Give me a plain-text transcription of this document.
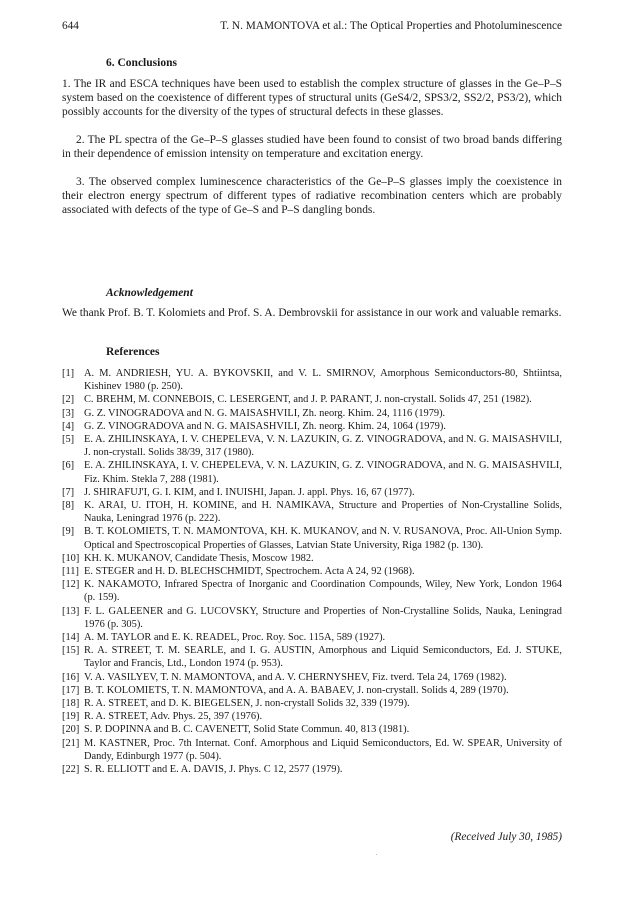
644	T. N. MAMONTOVA et al.: The Optical Properties and Photoluminescence
6. Conclusions

1. The IR and ESCA techniques have been used to establish the complex structure of glasses in the Ge–P–S system based on the coexistence of different types of structural units (GeS4/2, SPS3/2, SS2/2, PS3/2), which possibly accounts for the diversity of the types of structural defects in these glasses.

2. The PL spectra of the Ge–P–S glasses studied have been found to consist of two broad bands differing in their dependence of emission intensity on temperature and excitation energy.

3. The observed complex luminescence characteristics of the Ge–P–S glasses imply the coexistence in their electron energy spectrum of different types of radiative recombination centers which are probably associated with defects of the type of Ge–S and P–S dangling bonds.

Acknowledgement

We thank Prof. B. T. Kolomiets and Prof. S. A. Dembrovskii for assistance in our work and valuable remarks.

References
[1] A. M. ANDRIESH, YU. A. BYKOVSKII, and V. L. SMIRNOV, Amorphous Semiconductors-80, Shtiintsa, Kishinev 1980 (p. 250).
[2] C. BREHM, M. CONNEBOIS, C. LESERGENT, and J. P. PARANT, J. non-crystall. Solids 47, 251 (1982).
[3] G. Z. VINOGRADOVA and N. G. MAISASHVILI, Zh. neorg. Khim. 24, 1116 (1979).
[4] G. Z. VINOGRADOVA and N. G. MAISASHVILI, Zh. neorg. Khim. 24, 1064 (1979).
[5] E. A. ZHILINSKAYA, I. V. CHEPELEVA, V. N. LAZUKIN, G. Z. VINOGRADOVA, and N. G. MAISASHVILI, J. non-crystall. Solids 38/39, 317 (1980).
[6] E. A. ZHILINSKAYA, I. V. CHEPELEVA, V. N. LAZUKIN, G. Z. VINOGRADOVA, and N. G. MAISASHVILI, Fiz. Khim. Stekla 7, 288 (1981).
[7] J. SHIRAFUJ'I, G. I. KIM, and I. INUISHI, Japan. J. appl. Phys. 16, 67 (1977).
[8] K. ARAI, U. ITOH, H. KOMINE, and H. NAMIKAVA, Structure and Properties of Non-Crystalline Solids, Nauka, Leningrad 1976 (p. 222).
[9] B. T. KOLOMIETS, T. N. MAMONTOVA, KH. K. MUKANOV, and N. V. RUSANOVA, Proc. All-Union Symp. Optical and Spectroscopical Properties of Glasses, Latvian State University, Riga 1982 (p. 130).
[10] KH. K. MUKANOV, Candidate Thesis, Moscow 1982.
[11] E. STEGER and H. D. BLECHSCHMIDT, Spectrochem. Acta A 24, 92 (1968).
[12] K. NAKAMOTO, Infrared Spectra of Inorganic and Coordination Compounds, Wiley, New York, London 1964 (p. 159).
[13] F. L. GALEENER and G. LUCOVSKY, Structure and Properties of Non-Crystalline Solids, Nauka, Leningrad 1976 (p. 305).
[14] A. M. TAYLOR and E. K. READEL, Proc. Roy. Soc. 115A, 589 (1927).
[15] R. A. STREET, T. M. SEARLE, and I. G. AUSTIN, Amorphous and Liquid Semiconductors, Ed. J. STUKE, Taylor and Francis, Ltd., London 1974 (p. 953).
[16] V. A. VASILYEV, T. N. MAMONTOVA, and A. V. CHERNYSHEV, Fiz. tverd. Tela 24, 1769 (1982).
[17] B. T. KOLOMIETS, T. N. MAMONTOVA, and A. A. BABAEV, J. non-crystall. Solids 4, 289 (1970).
[18] R. A. STREET, and D. K. BIEGELSEN, J. non-crystall Solids 32, 339 (1979).
[19] R. A. STREET, Adv. Phys. 25, 397 (1976).
[20] S. P. DOPINNA and B. C. CAVENETT, Solid State Commun. 40, 813 (1981).
[21] M. KASTNER, Proc. 7th Internat. Conf. Amorphous and Liquid Semiconductors, Ed. W. SPEAR, University of Dandy, Edinburgh 1977 (p. 504).
[22] S. R. ELLIOTT and E. A. DAVIS, J. Phys. C 12, 2577 (1979).
(Received July 30, 1985)
